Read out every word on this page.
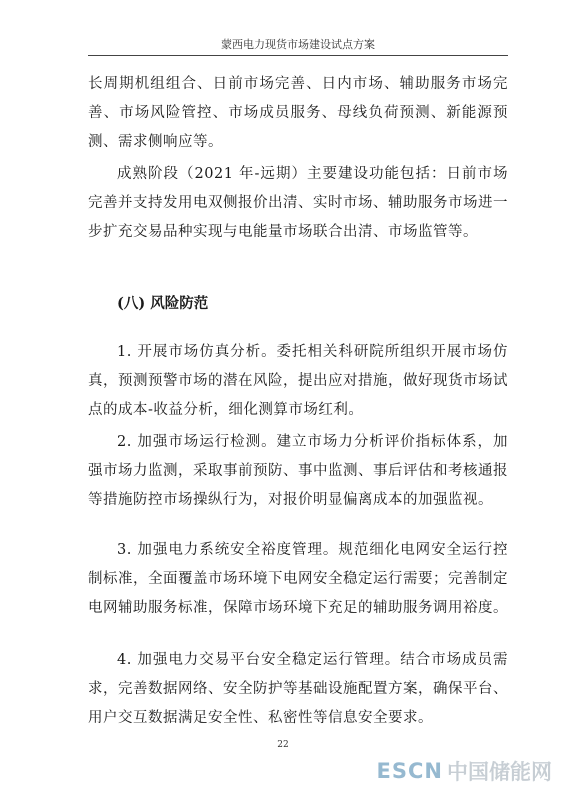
蒙西电力现货市场建设试点方案

长周期机组组合、日前市场完善、日内市场、辅助服务市场完善、市场风险管控、市场成员服务、母线负荷预测、新能源预测、需求侧响应等。

成熟阶段（2021 年-远期）主要建设功能包括：日前市场完善并支持发用电双侧报价出清、实时市场、辅助服务市场进一步扩充交易品种实现与电能量市场联合出清、市场监管等。

(八) 风险防范

1. 开展市场仿真分析。委托相关科研院所组织开展市场仿真，预测预警市场的潜在风险，提出应对措施，做好现货市场试点的成本-收益分析，细化测算市场红利。

2. 加强市场运行检测。建立市场力分析评价指标体系，加强市场力监测，采取事前预防、事中监测、事后评估和考核通报等措施防控市场操纵行为，对报价明显偏离成本的加强监视。

3. 加强电力系统安全裕度管理。规范细化电网安全运行控制标准，全面覆盖市场环境下电网安全稳定运行需要；完善制定电网辅助服务标准，保障市场环境下充足的辅助服务调用裕度。

4. 加强电力交易平台安全稳定运行管理。结合市场成员需求，完善数据网络、安全防护等基础设施配置方案，确保平台、用户交互数据满足安全性、私密性等信息安全要求。

22
ESCN 中国储能网
